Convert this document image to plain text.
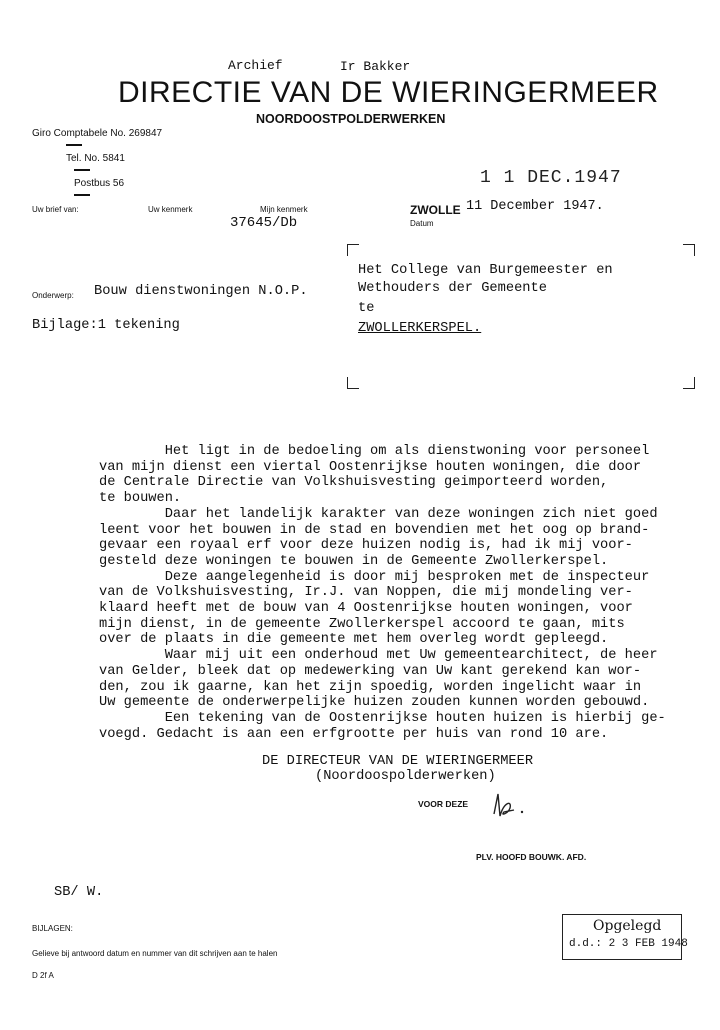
Archief	Ir Bakker
DIRECTIE VAN DE WIERINGERMEER
NOORDOOSTPOLDERWERKEN
Giro Comptabele No. 269847
Tel. No. 5841
Postbus 56
Uw brief van:	Uw kenmerk	Mijn kenmerk
37645/Db
1 1 DEC.1947
ZWOLLE 11 December 1947.
Datum
Het College van Burgemeester en
Wethouders der Gemeente
te
ZWOLLERKERSPEL.
Onderwerp: Bouw dienstwoningen N.O.P.
Bijlage:1 tekening
Het ligt in de bedoeling om als dienstwoning voor personeel
van mijn dienst een viertal Oostenrijkse houten woningen, die door
de Centrale Directie van Volkshuisvesting geimporteerd worden,
te bouwen.
Daar het landelijk karakter van deze woningen zich niet goed
leent voor het bouwen in de stad en bovendien met het oog op brand-
gevaar een royaal erf voor deze huizen nodig is, had ik mij voor-
gesteld deze woningen te bouwen in de Gemeente Zwollerkerspel.
Deze aangelegenheid is door mij besproken met de inspecteur
van de Volkshuisvesting, Ir.J. van Noppen, die mij mondeling ver-
klaard heeft met de bouw van 4 Oostenrijkse houten woningen, voor
mijn dienst, in de gemeente Zwollerkerspel accoord te gaan, mits
over de plaats in die gemeente met hem overleg wordt gepleegd.
Waar mij uit een onderhoud met Uw gemeentearchitect, de heer
van Gelder, bleek dat op medewerking van Uw kant gerekend kan wor-
den, zou ik gaarne, kan het zijn spoedig, worden ingelicht waar in
Uw gemeente de onderwerpelijke huizen zouden kunnen worden gebouwd.
Een tekening van de Oostenrijkse houten huizen is hierbij ge-
voegd. Gedacht is aan een erfgrootte per huis van rond 10 are.
DE DIRECTEUR VAN DE WIERINGERMEER
(Noordoospolderwerken)
VOOR DEZE
PLV. HOOFD BOUWK. AFD.
SB/ W.
BIJLAGEN:
Gelieve bij antwoord datum en nummer van dit schrijven aan te halen
D 2f A
Opgelegd
d.d.: 2 3 FEB 1948
